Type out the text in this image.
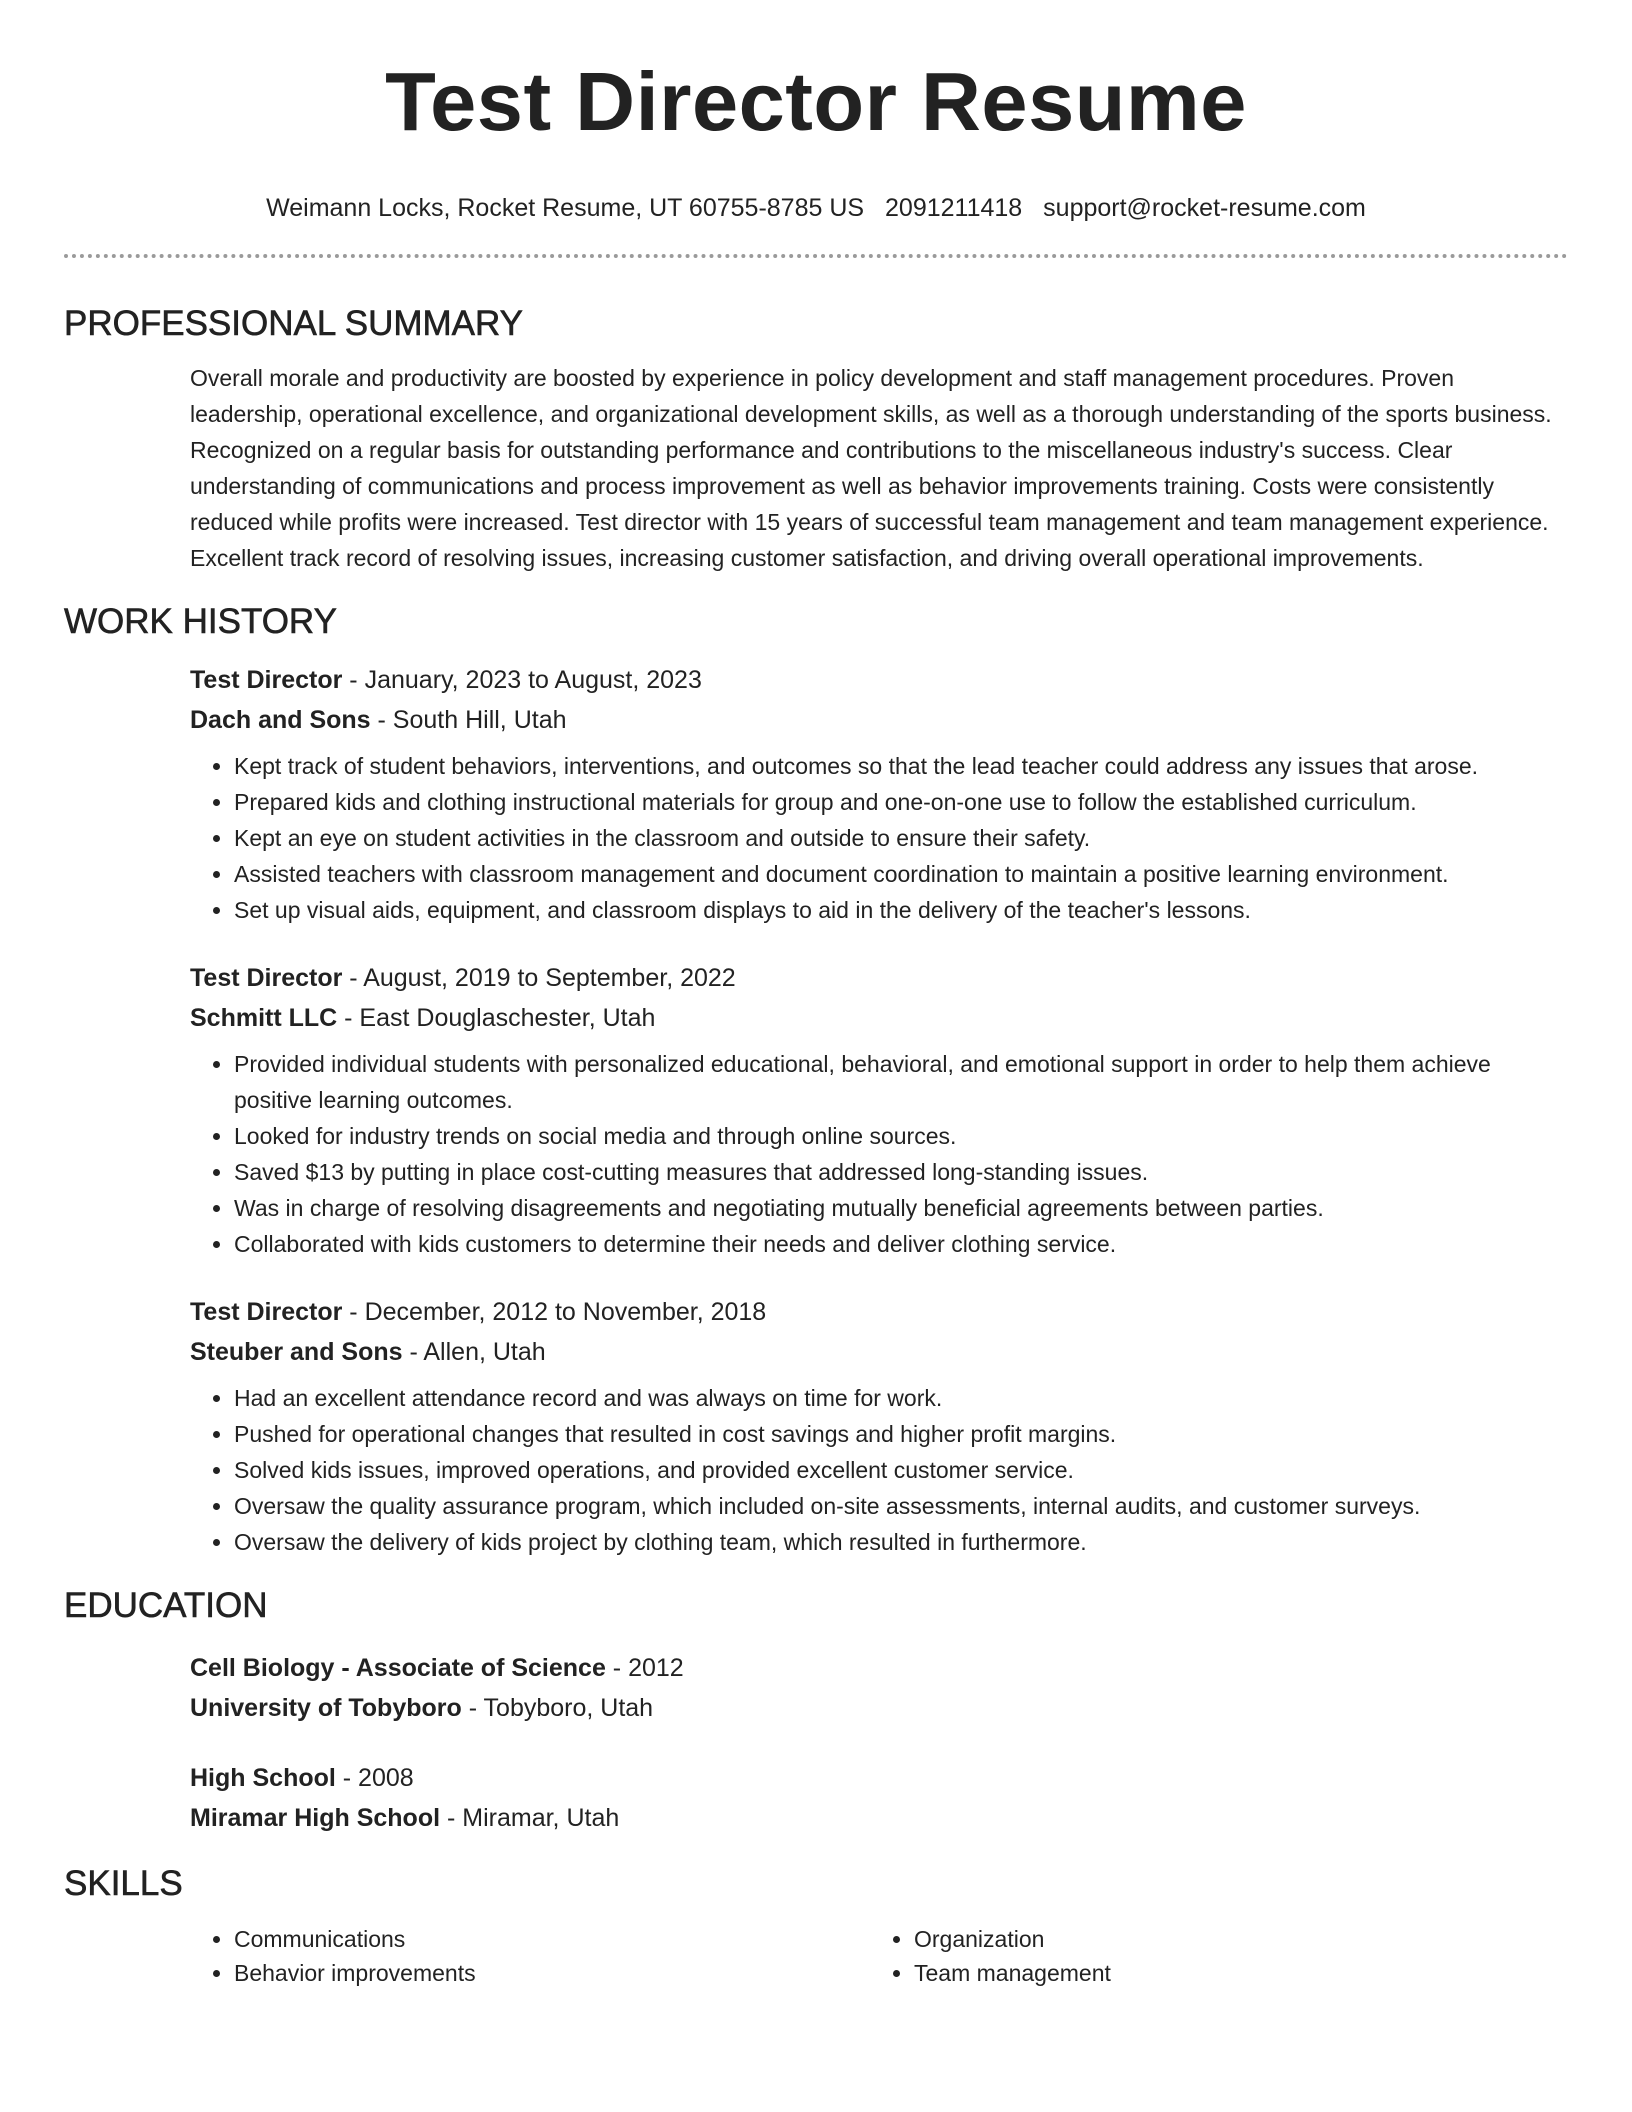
Test Director Resume
Weimann Locks, Rocket Resume, UT 60755-8785 US 2091211418 support@rocket-resume.com
PROFESSIONAL SUMMARY

Overall morale and productivity are boosted by experience in policy development and staff management procedures. Proven leadership, operational excellence, and organizational development skills, as well as a thorough understanding of the sports business. Recognized on a regular basis for outstanding performance and contributions to the miscellaneous industry's success. Clear understanding of communications and process improvement as well as behavior improvements training. Costs were consistently reduced while profits were increased. Test director with 15 years of successful team management and team management experience. Excellent track record of resolving issues, increasing customer satisfaction, and driving overall operational improvements.

WORK HISTORY
Test Director - January, 2023 to August, 2023
Dach and Sons - South Hill, Utah
• Kept track of student behaviors, interventions, and outcomes so that the lead teacher could address any issues that arose.
• Prepared kids and clothing instructional materials for group and one-on-one use to follow the established curriculum.
• Kept an eye on student activities in the classroom and outside to ensure their safety.
• Assisted teachers with classroom management and document coordination to maintain a positive learning environment.
• Set up visual aids, equipment, and classroom displays to aid in the delivery of the teacher's lessons.
Test Director - August, 2019 to September, 2022
Schmitt LLC - East Douglaschester, Utah
• Provided individual students with personalized educational, behavioral, and emotional support in order to help them achieve positive learning outcomes.
• Looked for industry trends on social media and through online sources.
• Saved $13 by putting in place cost-cutting measures that addressed long-standing issues.
• Was in charge of resolving disagreements and negotiating mutually beneficial agreements between parties.
• Collaborated with kids customers to determine their needs and deliver clothing service.
Test Director - December, 2012 to November, 2018
Steuber and Sons - Allen, Utah
• Had an excellent attendance record and was always on time for work.
• Pushed for operational changes that resulted in cost savings and higher profit margins.
• Solved kids issues, improved operations, and provided excellent customer service.
• Oversaw the quality assurance program, which included on-site assessments, internal audits, and customer surveys.
• Oversaw the delivery of kids project by clothing team, which resulted in furthermore.
EDUCATION
Cell Biology - Associate of Science - 2012
University of Tobyboro - Tobyboro, Utah
High School - 2008
Miramar High School - Miramar, Utah
SKILLS
• Communications
• Behavior improvements
• Organization
• Team management
